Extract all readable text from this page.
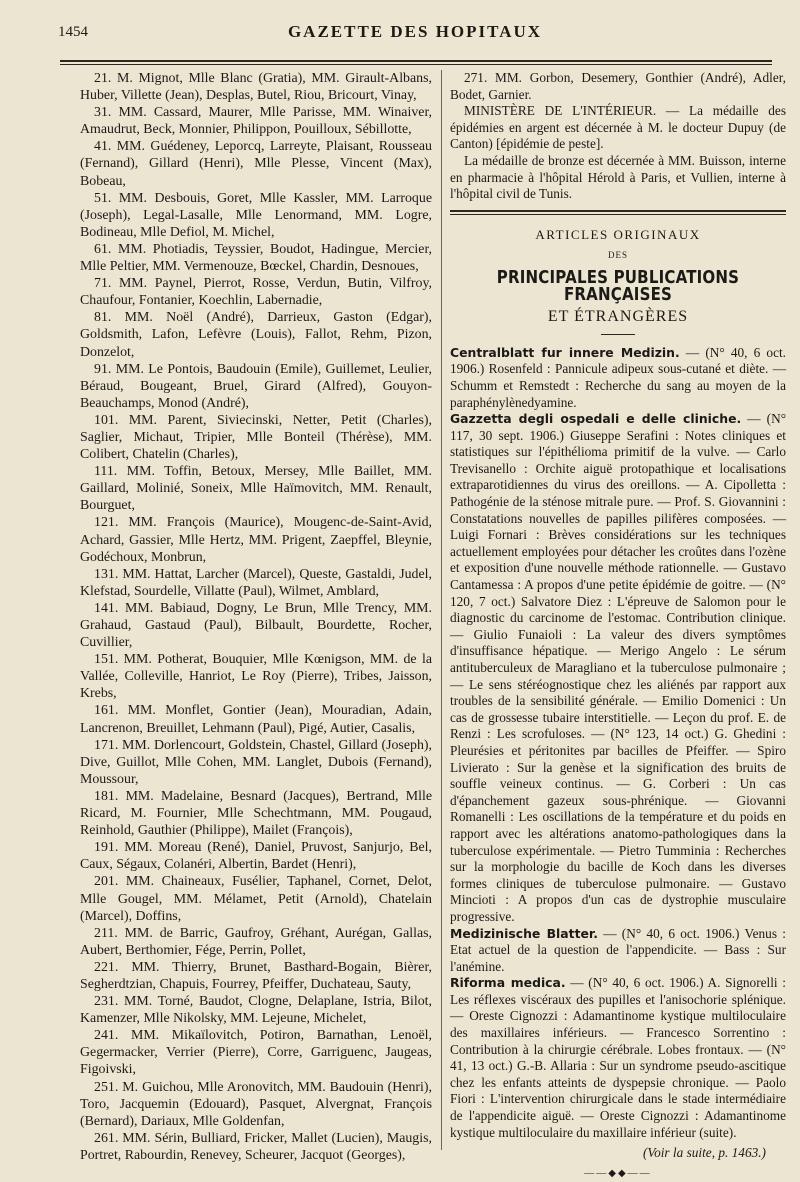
1454	GAZETTE DES HOPITAUX

21. M. Mignot, Mlle Blanc (Gratia), MM. Girault-Albans, Huber, Villette (Jean), Desplas, Butel, Riou, Bricourt, Vinay,

31. MM. Cassard, Maurer, Mlle Parisse, MM. Winaiver, Amaudrut, Beck, Monnier, Philippon, Pouilloux, Sébillotte,

41. MM. Guédeney, Leporcq, Larreyte, Plaisant, Rousseau (Fernand), Gillard (Henri), Mlle Plesse, Vincent (Max), Bobeau,

51. MM. Desbouis, Goret, Mlle Kassler, MM. Larroque (Joseph), Legal-Lasalle, Mlle Lenormand, MM. Logre, Bodineau, Mlle Defiol, M. Michel,

61. MM. Photiadis, Teyssier, Boudot, Hadingue, Mercier, Mlle Peltier, MM. Vermenouze, Bœckel, Chardin, Desnoues,

71. MM. Paynel, Pierrot, Rosse, Verdun, Butin, Vilfroy, Chaufour, Fontanier, Koechlin, Labernadie,

81. MM. Noël (André), Darrieux, Gaston (Edgar), Goldsmith, Lafon, Lefèvre (Louis), Fallot, Rehm, Pizon, Donzelot,

91. MM. Le Pontois, Baudouin (Emile), Guillemet, Leulier, Béraud, Bougeant, Bruel, Girard (Alfred), Gouyon-Beauchamps, Monod (André),

101. MM. Parent, Siviecinski, Netter, Petit (Charles), Saglier, Michaut, Tripier, Mlle Bonteil (Thérèse), MM. Colibert, Chatelin (Charles),

111. MM. Toffin, Betoux, Mersey, Mlle Baillet, MM. Gaillard, Molinié, Soneix, Mlle Haïmovitch, MM. Renault, Bourguet,

121. MM. François (Maurice), Mougenc-de-Saint-Avid, Achard, Gassier, Mlle Hertz, MM. Prigent, Zaepffel, Bleynie, Godéchoux, Monbrun,

131. MM. Hattat, Larcher (Marcel), Queste, Gastaldi, Judel, Klefstad, Sourdelle, Villatte (Paul), Wilmet, Amblard,

141. MM. Babiaud, Dogny, Le Brun, Mlle Trency, MM. Grahaud, Gastaud (Paul), Bilbault, Bourdette, Rocher, Cuvillier,

151. MM. Potherat, Bouquier, Mlle Kœnigson, MM. de la Vallée, Colleville, Hanriot, Le Roy (Pierre), Tribes, Jaisson, Krebs,

161. MM. Monflet, Gontier (Jean), Mouradian, Adain, Lancrenon, Breuillet, Lehmann (Paul), Pigé, Autier, Casalis,

171. MM. Dorlencourt, Goldstein, Chastel, Gillard (Joseph), Dive, Guillot, Mlle Cohen, MM. Langlet, Dubois (Fernand), Moussour,

181. MM. Madelaine, Besnard (Jacques), Bertrand, Mlle Ricard, M. Fournier, Mlle Schechtmann, MM. Pougaud, Reinhold, Gauthier (Philippe), Mailet (François),

191. MM. Moreau (René), Daniel, Pruvost, Sanjurjo, Bel, Caux, Ségaux, Colanéri, Albertin, Bardet (Henri),

201. MM. Chaineaux, Fusélier, Taphanel, Cornet, Delot, Mlle Gougel, MM. Mélamet, Petit (Arnold), Chatelain (Marcel), Doffins,

211. MM. de Barric, Gaufroy, Gréhant, Aurégan, Gallas, Aubert, Berthomier, Fége, Perrin, Pollet,

221. MM. Thierry, Brunet, Basthard-Bogain, Bièrer, Segherdtzian, Chapuis, Fourrey, Pfeiffer, Duchateau, Sauty,

231. MM. Torné, Baudot, Clogne, Delaplane, Istria, Bilot, Kamenzer, Mlle Nikolsky, MM. Lejeune, Michelet,

241. MM. Mikaïlovitch, Potiron, Barnathan, Lenoël, Gegermacker, Verrier (Pierre), Corre, Garriguenc, Jaugeas, Figoivski,

251. M. Guichou, Mlle Aronovitch, MM. Baudouin (Henri), Toro, Jacquemin (Edouard), Pasquet, Alvergnat, François (Bernard), Dariaux, Mlle Goldenfan,

261. MM. Sérin, Bulliard, Fricker, Mallet (Lucien), Maugis, Portret, Rabourdin, Renevey, Scheurer, Jacquot (Georges),

271. MM. Gorbon, Desemery, Gonthier (André), Adler, Bodet, Garnier.

MINISTÈRE DE L'INTÉRIEUR. — La médaille des épidémies en argent est décernée à M. le docteur Dupuy (de Canton) [épidémie de peste].

La médaille de bronze est décernée à MM. Buisson, interne en pharmacie à l'hôpital Hérold à Paris, et Vullien, interne à l'hôpital civil de Tunis.

ARTICLES ORIGINAUX
DES
PRINCIPALES PUBLICATIONS FRANÇAISES
ET ÉTRANGÈRES

Centralblatt fur innere Medizin. — (N° 40, 6 oct. 1906.) Rosenfeld : Pannicule adipeux sous-cutané et diète. — Schumm et Remstedt : Recherche du sang au moyen de la paraphénylènedyamine.

Gazzetta degli ospedali e delle cliniche. — (N° 117, 30 sept. 1906.) Giuseppe Serafini : Notes cliniques et statistiques sur l'épithélioma primitif de la vulve. — Carlo Trevisanello : Orchite aiguë protopathique et localisations extraparotidiennes du virus des oreillons. — A. Cipolletta : Pathogénie de la sténose mitrale pure. — Prof. S. Giovannini : Constatations nouvelles de papilles pilifères composées. — Luigi Fornari : Brèves considérations sur les techniques actuellement employées pour détacher les croûtes dans l'ozène et exposition d'une nouvelle méthode rationnelle. — Gustavo Cantamessa : A propos d'une petite épidémie de goitre. — (N° 120, 7 oct.) Salvatore Diez : L'épreuve de Salomon pour le diagnostic du carcinome de l'estomac. Contribution clinique. — Giulio Funaioli : La valeur des divers symptômes d'insuffisance hépatique. — Merigo Angelo : Le sérum antituberculeux de Maragliano et la tuberculose pulmonaire ; — Le sens stéréognostique chez les aliénés par rapport aux troubles de la sensibilité générale. — Emilio Domenici : Un cas de grossesse tubaire interstitielle. — Leçon du prof. E. de Renzi : Les scrofuloses. — (N° 123, 14 oct.) G. Ghedini : Pleurésies et péritonites par bacilles de Pfeiffer. — Spiro Livierato : Sur la genèse et la signification des bruits de souffle veineux continus. — G. Corberi : Un cas d'épanchement gazeux sous-phrénique. — Giovanni Romanelli : Les oscillations de la température et du poids en rapport avec les altérations anatomo-pathologiques dans la tuberculose expérimentale. — Pietro Tumminia : Recherches sur la morphologie du bacille de Koch dans les diverses formes cliniques de tuberculose pulmonaire. — Gustavo Mincioti : A propos d'un cas de dystrophie musculaire progressive.

Medizinische Blatter. — (N° 40, 6 oct. 1906.) Venus : Etat actuel de la question de l'appendicite. — Bass : Sur l'anémine.

Riforma medica. — (N° 40, 6 oct. 1906.) A. Signorelli : Les réflexes viscéraux des pupilles et l'anisochorie splénique. — Oreste Cignozzi : Adamantinome kystique multiloculaire des maxillaires inférieurs. — Francesco Sorrentino : Contribution à la chirurgie cérébrale. Lobes frontaux. — (N° 41, 13 oct.) G.-B. Allaria : Sur un syndrome pseudo-ascitique chez les enfants atteints de dyspepsie chronique. — Paolo Fiori : L'intervention chirurgicale dans le stade intermédiaire de l'appendicite aiguë. — Oreste Cignozzi : Adamantinome kystique multiloculaire du maxillaire inférieur (suite).

(Voir la suite, p. 1463.)
——◆◆——
